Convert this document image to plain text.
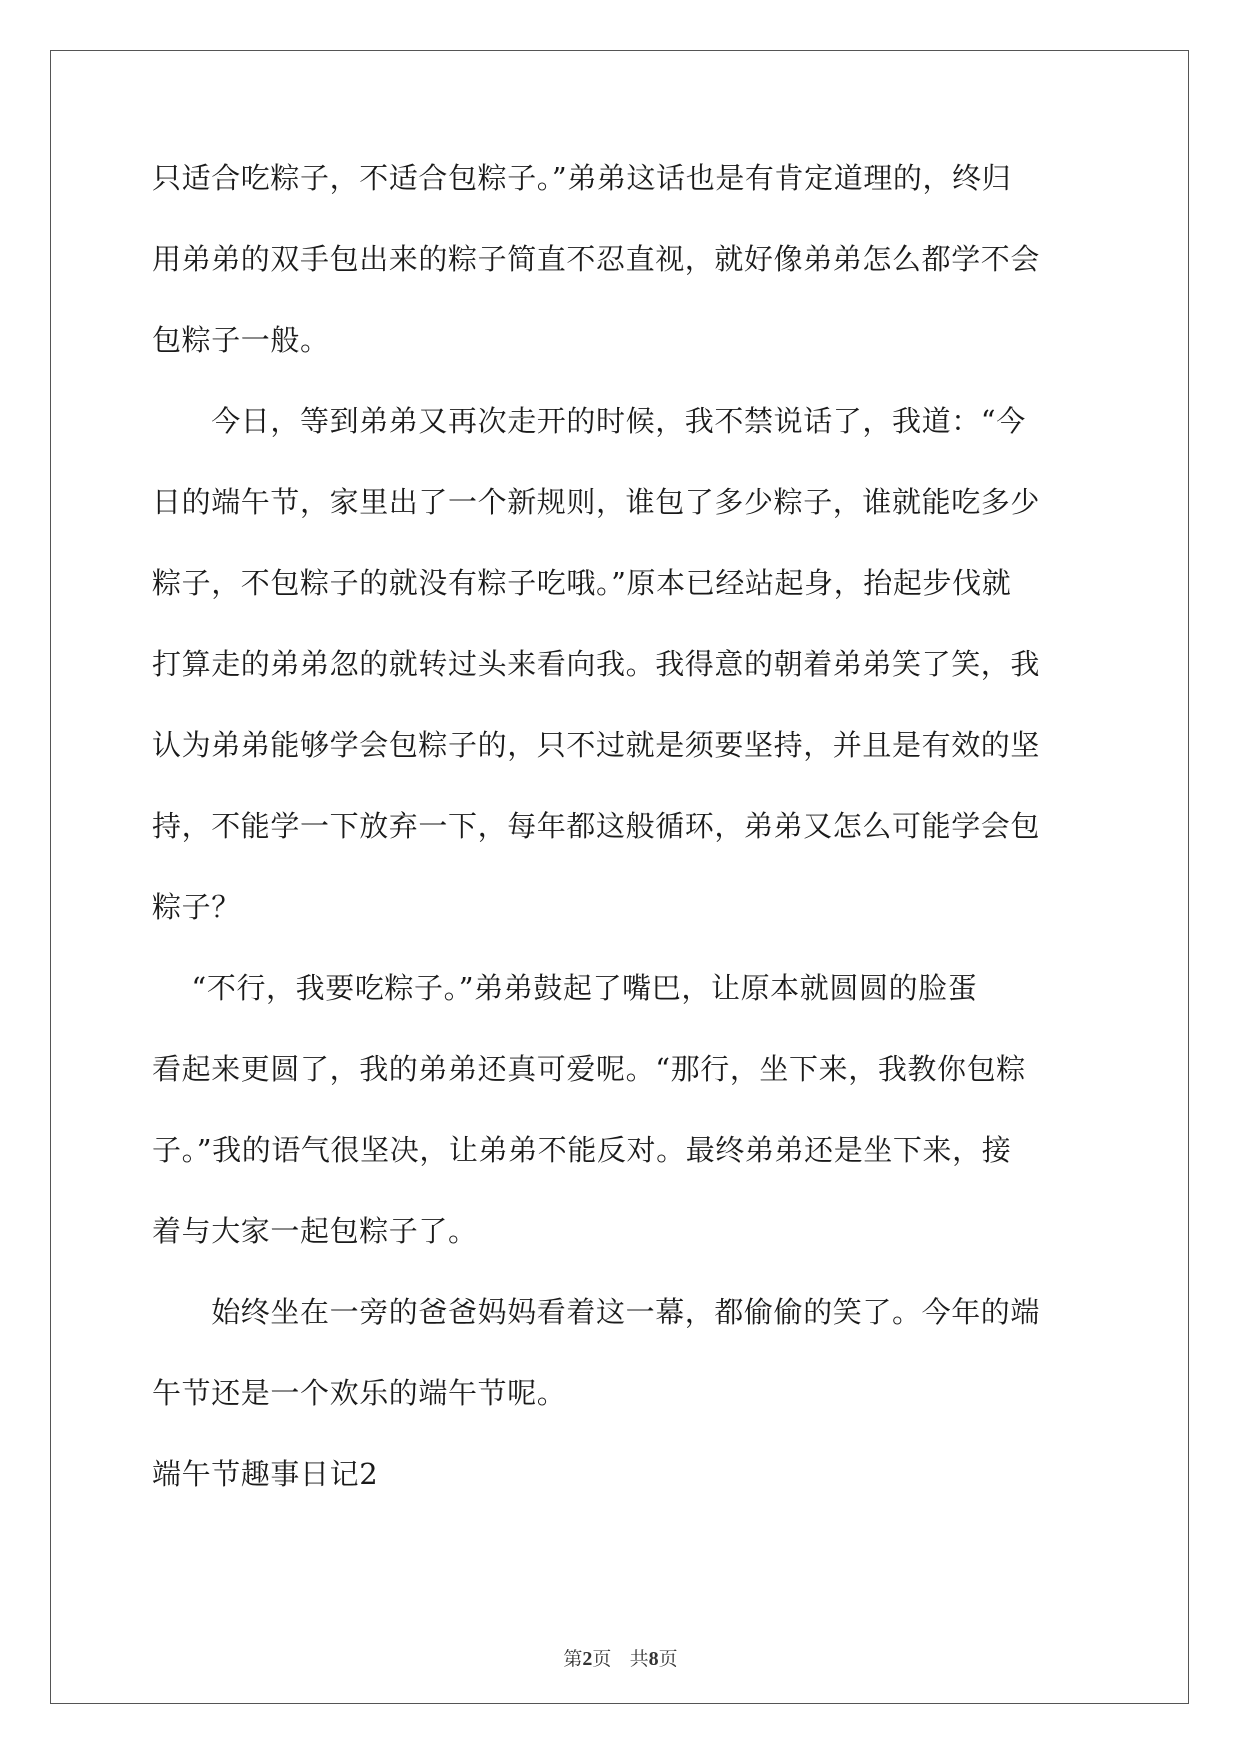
只适合吃粽子，不适合包粽子。”弟弟这话也是有肯定道理的，终归
用弟弟的双手包出来的粽子简直不忍直视，就好像弟弟怎么都学不会
包粽子一般。
　　今日，等到弟弟又再次走开的时候，我不禁说话了，我道：“今
日的端午节，家里出了一个新规则，谁包了多少粽子，谁就能吃多少
粽子，不包粽子的就没有粽子吃哦。”原本已经站起身，抬起步伐就
打算走的弟弟忽的就转过头来看向我。我得意的朝着弟弟笑了笑，我
认为弟弟能够学会包粽子的，只不过就是须要坚持，并且是有效的坚
持，不能学一下放弃一下，每年都这般循环，弟弟又怎么可能学会包
粽子？
　 “不行，我要吃粽子。”弟弟鼓起了嘴巴，让原本就圆圆的脸蛋
看起来更圆了，我的弟弟还真可爱呢。“那行，坐下来，我教你包粽
子。”我的语气很坚决，让弟弟不能反对。最终弟弟还是坐下来，接
着与大家一起包粽子了。
　　始终坐在一旁的爸爸妈妈看着这一幕，都偷偷的笑了。今年的端
午节还是一个欢乐的端午节呢。
端午节趣事日记2
第2页 共8页
